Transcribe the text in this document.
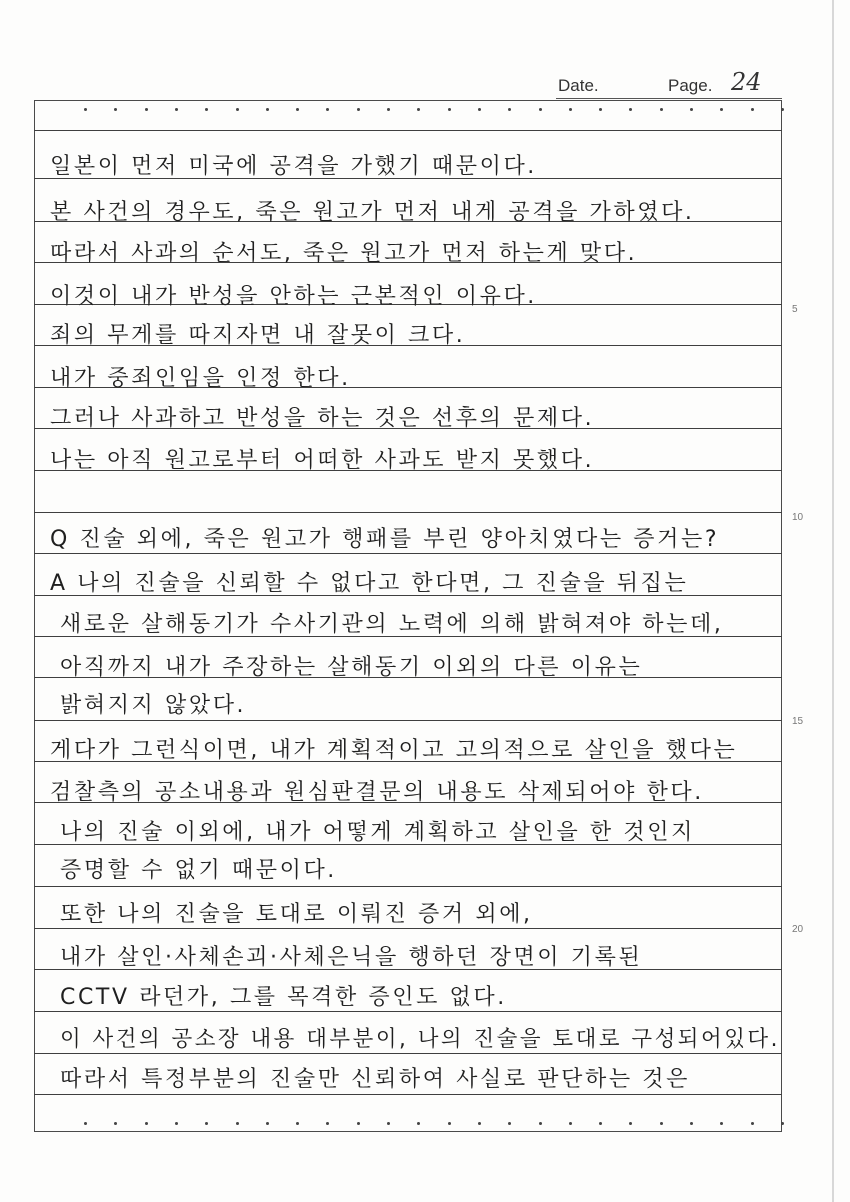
Date.	Page. 24
일본이 먼저 미국에 공격을 가했기 때문이다.
본 사건의 경우도, 죽은 원고가 먼저 내게 공격을 가하였다.
따라서 사과의 순서도, 죽은 원고가 먼저 하는게 맞다.
이것이 내가 반성을 안하는 근본적인 이유다.
죄의 무게를 따지자면 내 잘못이 크다.
내가 중죄인임을 인정 한다.
그러나 사과하고 반성을 하는 것은 선후의 문제다.
나는 아직 원고로부터 어떠한 사과도 받지 못했다.
Q 진술 외에, 죽은 원고가 행패를 부린 양아치였다는 증거는?
A 나의 진술을 신뢰할 수 없다고 한다면, 그 진술을 뒤집는
새로운 살해동기가 수사기관의 노력에 의해 밝혀져야 하는데,
아직까지 내가 주장하는 살해동기 이외의 다른 이유는
밝혀지지 않았다.
게다가 그런식이면, 내가 계획적이고 고의적으로 살인을 했다는
검찰측의 공소내용과 원심판결문의 내용도 삭제되어야 한다.
나의 진술 이외에, 내가 어떻게 계획하고 살인을 한 것인지
증명할 수 없기 때문이다.
또한 나의 진술을 토대로 이뤄진 증거 외에,
내가 살인·사체손괴·사체은닉을 행하던 장면이 기록된
CCTV 라던가, 그를 목격한 증인도 없다.
이 사건의 공소장 내용 대부분이, 나의 진술을 토대로 구성되어있다.
따라서 특정부분의 진술만 신뢰하여 사실로 판단하는 것은
5
10
15
20
